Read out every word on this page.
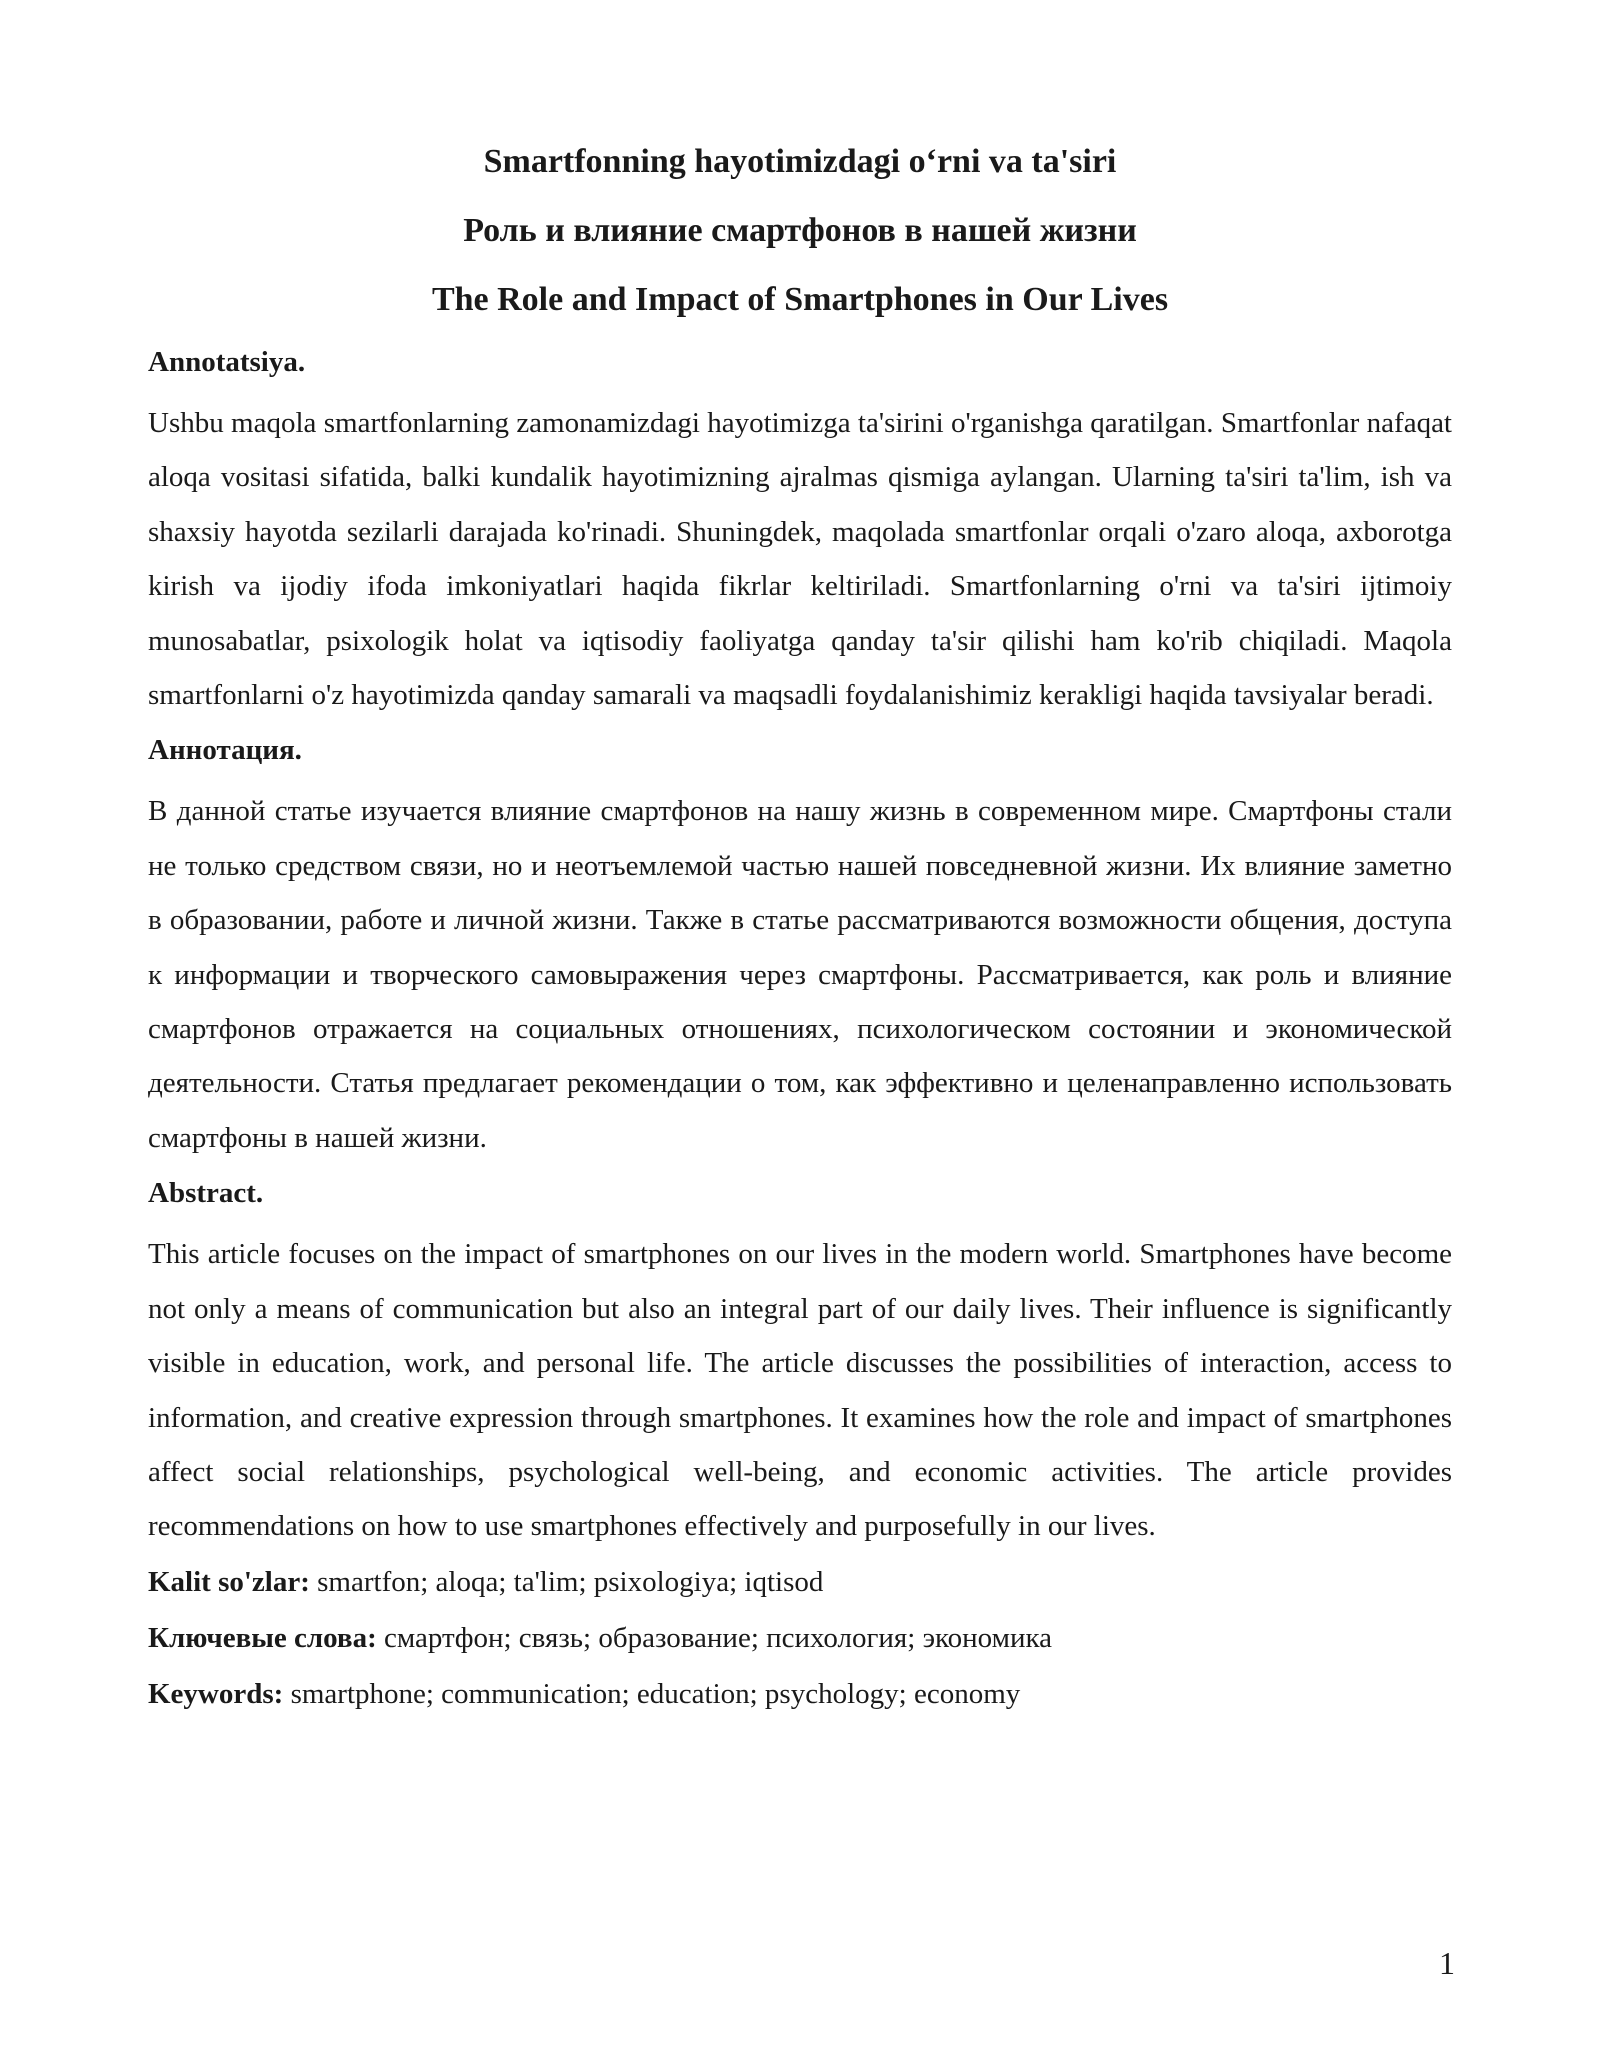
Smartfonning hayotimizdagi o‘rni va ta'siri
Роль и влияние смартфонов в нашей жизни
The Role and Impact of Smartphones in Our Lives
Annotatsiya.

Ushbu maqola smartfonlarning zamonamizdagi hayotimizga ta'sirini o'rganishga qaratilgan. Smartfonlar nafaqat aloqa vositasi sifatida, balki kundalik hayotimizning ajralmas qismiga aylangan. Ularning ta'siri ta'lim, ish va shaxsiy hayotda sezilarli darajada ko'rinadi. Shuningdek, maqolada smartfonlar orqali o'zaro aloqa, axborotga kirish va ijodiy ifoda imkoniyatlari haqida fikrlar keltiriladi. Smartfonlarning o'rni va ta'siri ijtimoiy munosabatlar, psixologik holat va iqtisodiy faoliyatga qanday ta'sir qilishi ham ko'rib chiqiladi. Maqola smartfonlarni o'z hayotimizda qanday samarali va maqsadli foydalanishimiz kerakligi haqida tavsiyalar beradi.

Аннотация.

В данной статье изучается влияние смартфонов на нашу жизнь в современном мире. Смартфоны стали не только средством связи, но и неотъемлемой частью нашей повседневной жизни. Их влияние заметно в образовании, работе и личной жизни. Также в статье рассматриваются возможности общения, доступа к информации и творческого самовыражения через смартфоны. Рассматривается, как роль и влияние смартфонов отражается на социальных отношениях, психологическом состоянии и экономической деятельности. Статья предлагает рекомендации о том, как эффективно и целенаправленно использовать смартфоны в нашей жизни.

Abstract.

This article focuses on the impact of smartphones on our lives in the modern world. Smartphones have become not only a means of communication but also an integral part of our daily lives. Their influence is significantly visible in education, work, and personal life. The article discusses the possibilities of interaction, access to information, and creative expression through smartphones. It examines how the role and impact of smartphones affect social relationships, psychological well-being, and economic activities. The article provides recommendations on how to use smartphones effectively and purposefully in our lives.

Kalit so'zlar: smartfon; aloqa; ta'lim; psixologiya; iqtisod
Ключевые слова: смартфон; связь; образование; психология; экономика
Keywords: smartphone; communication; education; psychology; economy
1
